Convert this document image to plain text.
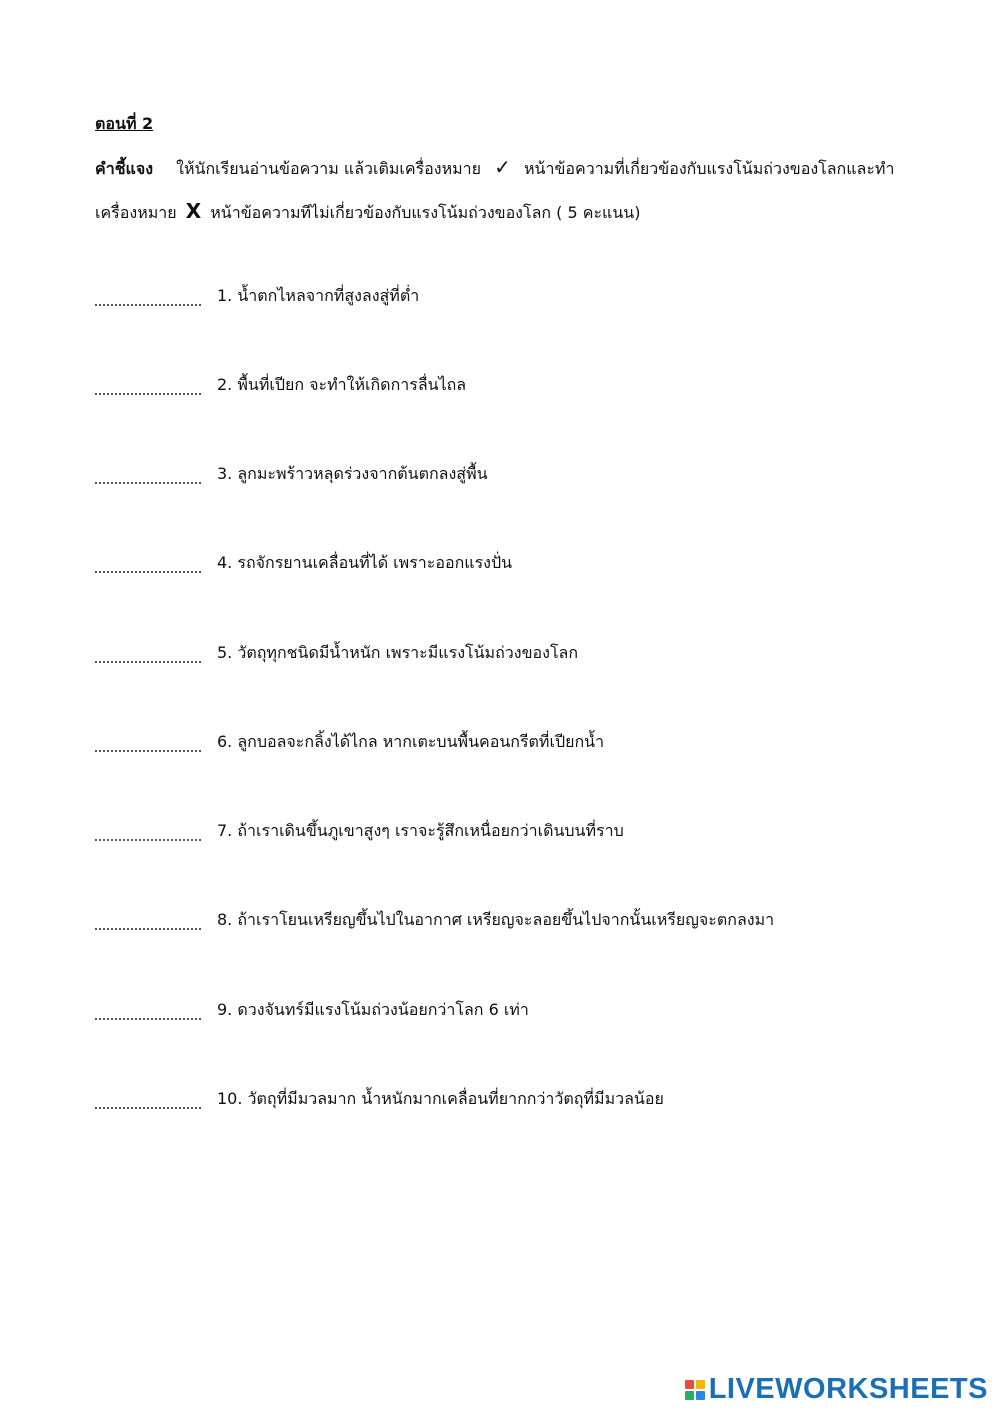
ตอนที่ 2
คำชี้แจง ให้นักเรียนอ่านข้อความ แล้วเติมเครื่องหมาย ✓ หน้าข้อความที่เกี่ยวข้องกับแรงโน้มถ่วงของโลกและทำ
เครื่องหมาย X หน้าข้อความทีไม่เกี่ยวข้องกับแรงโน้มถ่วงของโลก ( 5 คะแนน)
1. น้ำตกไหลจากที่สูงลงสู่ที่ต่ำ
2. พื้นที่เปียก จะทำให้เกิดการลื่นไถล
3. ลูกมะพร้าวหลุดร่วงจากต้นตกลงสู่พื้น
4. รถจักรยานเคลื่อนที่ได้ เพราะออกแรงปั่น
5. วัตถุทุกชนิดมีน้ำหนัก เพราะมีแรงโน้มถ่วงของโลก
6. ลูกบอลจะกลิ้งได้ไกล หากเตะบนพื้นคอนกรีตที่เปียกน้ำ
7. ถ้าเราเดินขึ้นภูเขาสูงๆ เราจะรู้สึกเหนื่อยกว่าเดินบนที่ราบ
8. ถ้าเราโยนเหรียญขึ้นไปในอากาศ เหรียญจะลอยขึ้นไปจากนั้นเหรียญจะตกลงมา
9. ดวงจันทร์มีแรงโน้มถ่วงน้อยกว่าโลก 6 เท่า
10. วัตถุที่มีมวลมาก น้ำหนักมากเคลื่อนที่ยากกว่าวัตถุที่มีมวลน้อย
LIVEWORKSHEETS
